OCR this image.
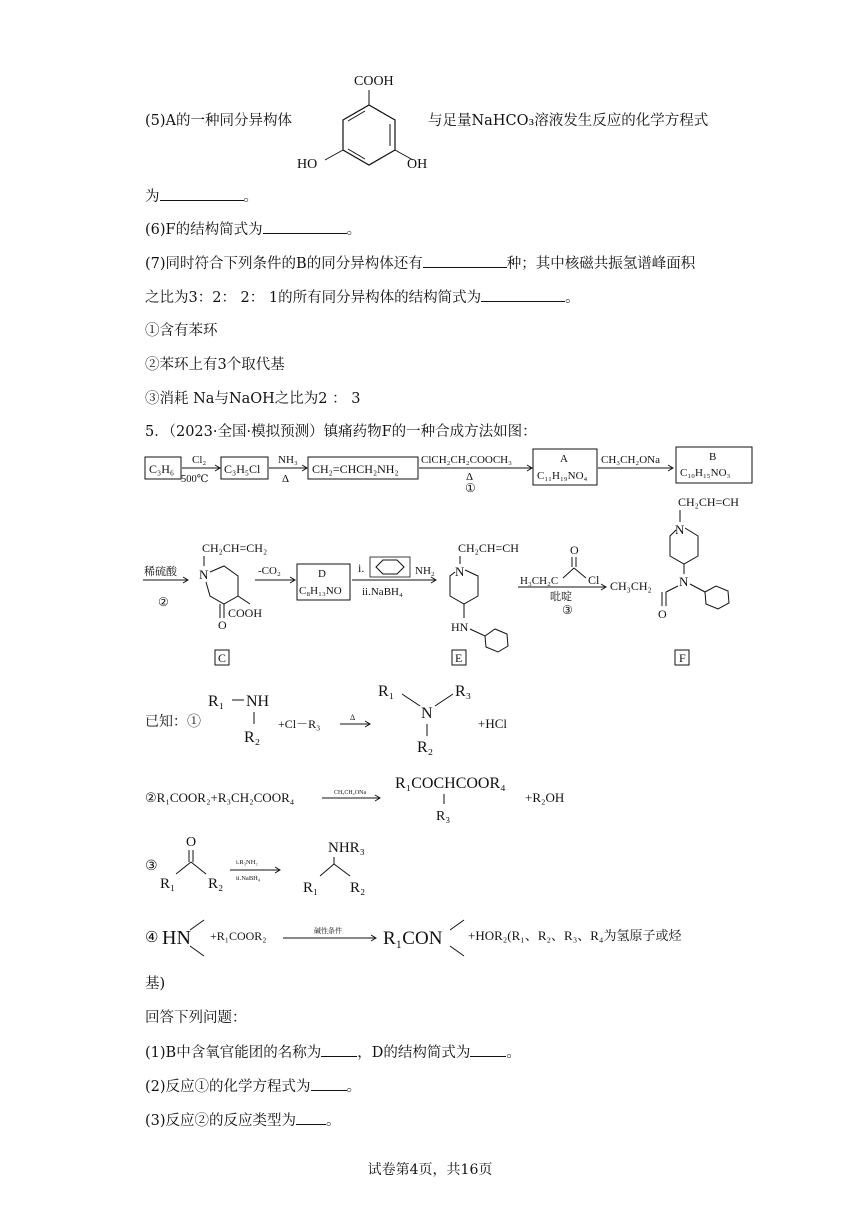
(5)A的一种同分异构体
COOH
HO	OH
与足量NaHCO₃溶液发生反应的化学方程式
为	。
(6)F的结构简式为	。
(7)同时符合下列条件的B的同分异构体还有	种；其中核磁共振氢谱峰面积
之比为3：2： 2： 1的所有同分异构体的结构简式为	。
①含有苯环
②苯环上有3个取代基
③消耗 Na与NaOH之比为2 ： 3
5．（2023·全国·模拟预测）镇痛药物F的一种合成方法如图：
C₃H₆
Cl₂
500℃
C₃H₅Cl
NH₃
Δ
CH₂=CHCH₂NH₂
ClCH₂CH₂COOCH₃
Δ
①
A
C₁₁H₁₉NO₄
CH₃CH₂ONa	B
C₁₀H₁₅NO₃
稀硫酸
②
CH₂CH=CH₂
N
O
COOH
-CO₂	D
C₈H₁₃NO
i.	NH₂
ii.NaBH₄
CH₂CH=CH
N
HN
O
H₃CH₂C Cl
吡啶
③
CH₂CH=CH
N
N
CH₃CH₂
O
C	E	F
已知：①
R₁ NH
R₂
+Cl－R₃	Δ
R₁
N
R₃
R₂
+HCl
②R₁COOR₂+R₃CH₂COOR₄	CH₃CH₂ONa
R₁COCHCOOR₄
R₃
+R₂OH
③
O
R₁ R₂
i.R₃NH₂
ii.NaBH₄
NHR₃
R₁ R₂
④ HN +R₁COOR₂	碱性条件 R₁CON +HOR₂(R₁、R₂、R₃、R₄为氢原子或烃
基)
回答下列问题：
(1)B中含氧官能团的名称为 ，D的结构简式为 。
(2)反应①的化学方程式为 。
(3)反应②的反应类型为 。
试卷第4页，共16页
